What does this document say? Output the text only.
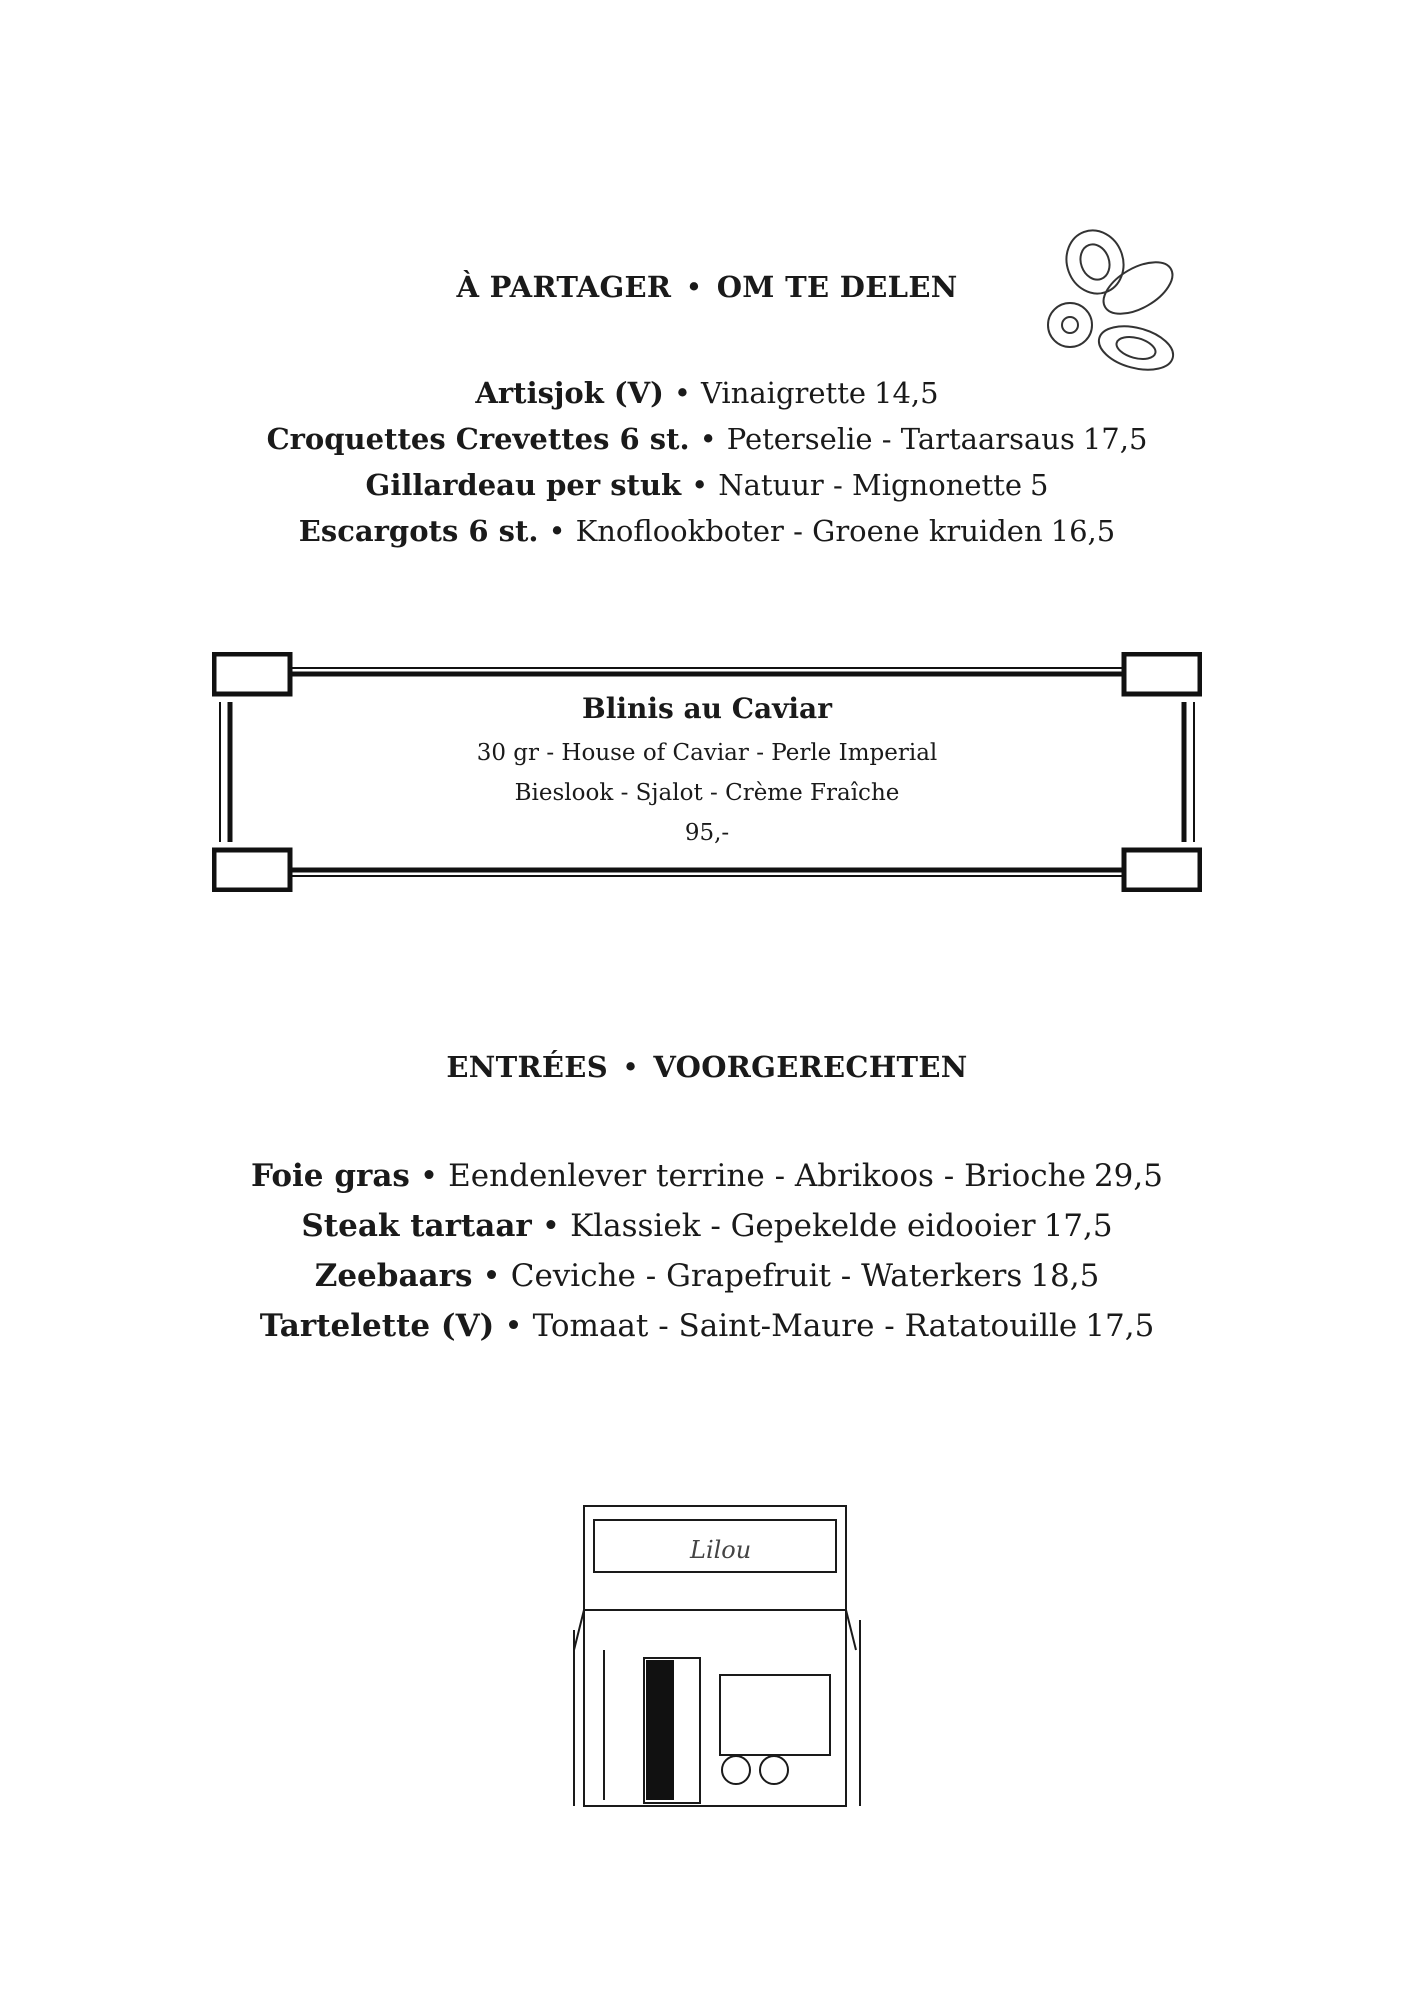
À PARTAGER • OM TE DELEN
Artisjok (V) • Vinaigrette 14,5
Croquettes Crevettes 6 st. • Peterselie - Tartaarsaus 17,5
Gillardeau per stuk • Natuur - Mignonette 5
Escargots 6 st. • Knoflookboter - Groene kruiden 16,5
Blinis au Caviar
30 gr - House of Caviar - Perle Imperial
Bieslook - Sjalot - Crème Fraîche
95,-
ENTRÉES • VOORGERECHTEN
Foie gras • Eendenlever terrine - Abrikoos - Brioche 29,5
Steak tartaar • Klassiek - Gepekelde eidooier 17,5
Zeebaars • Ceviche - Grapefruit - Waterkers 18,5
Tartelette (V) • Tomaat - Saint-Maure - Ratatouille 17,5
Lilou
